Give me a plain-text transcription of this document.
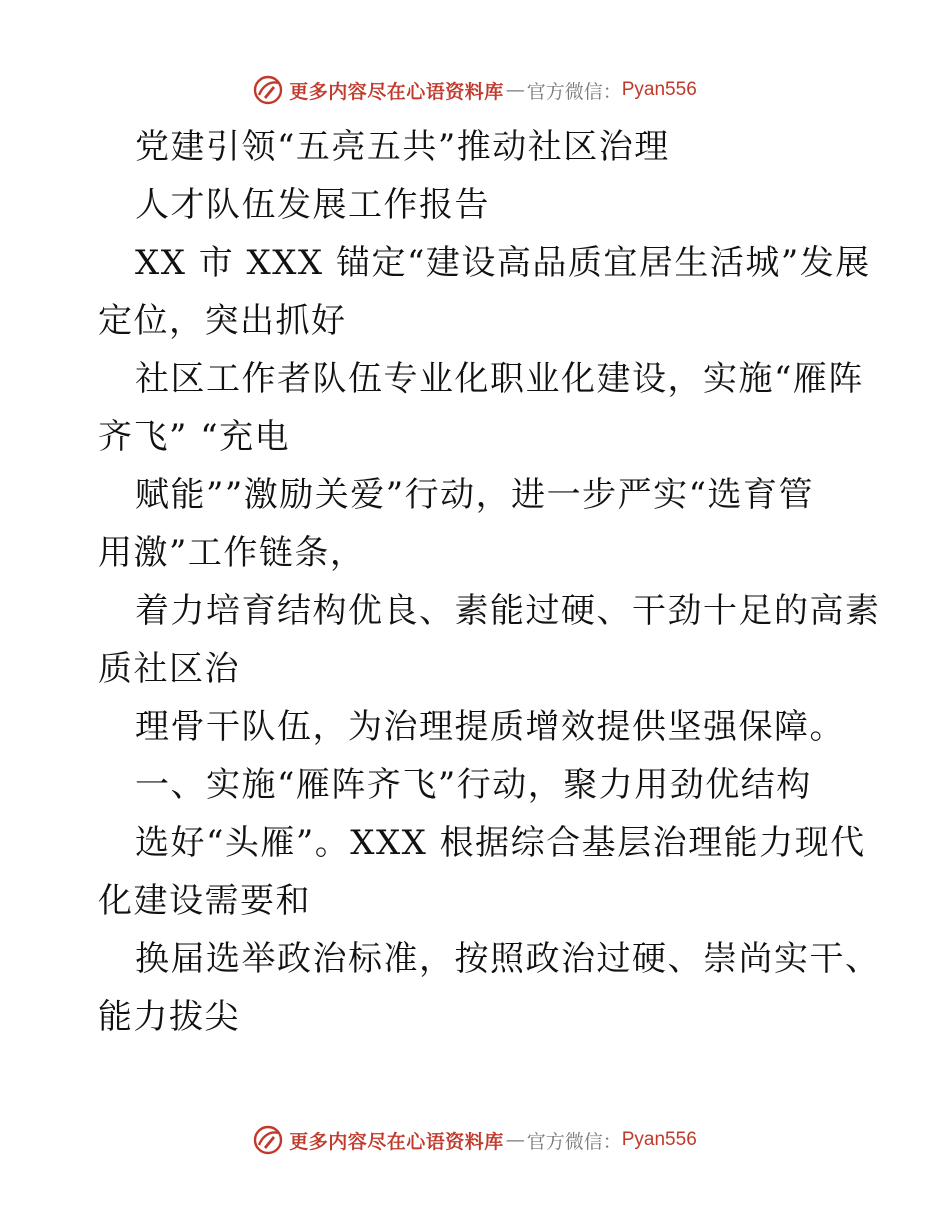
更多内容尽在心语资料库 — 官方微信： Pyan556
党建引领“五亮五共”推动社区治理
人才队伍发展工作报告
XX 市 XXX 锚定“建设高品质宜居生活城”发展
定位，突出抓好
社区工作者队伍专业化职业化建设，实施“雁阵
齐飞” “充电
赋能””激励关爱”行动，进一步严实“选育管
用激”工作链条，
着力培育结构优良、素能过硬、干劲十足的高素
质社区治
理骨干队伍，为治理提质增效提供坚强保障。
一、实施“雁阵齐飞”行动，聚力用劲优结构
选好“头雁”。XXX 根据综合基层治理能力现代
化建设需要和
换届选举政治标准，按照政治过硬、崇尚实干、
能力拔尖
更多内容尽在心语资料库 — 官方微信： Pyan556
